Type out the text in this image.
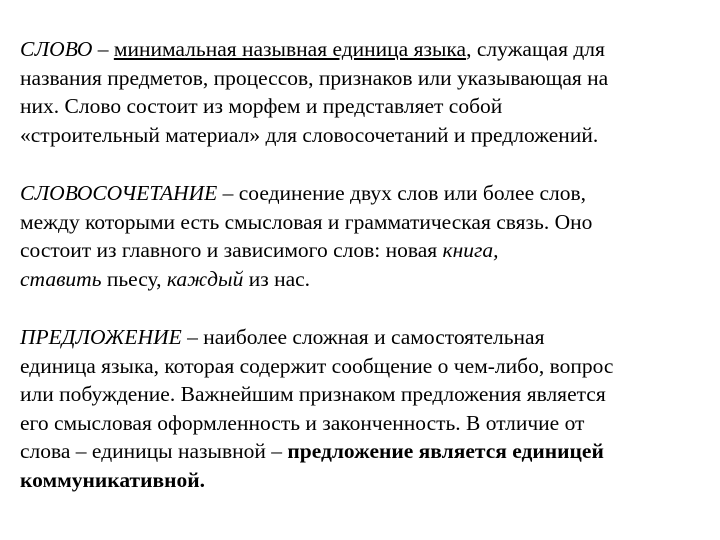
СЛОВО – минимальная назывная единица языка, служащая для
названия предметов, процессов, признаков или указывающая на
них. Слово состоит из морфем и представляет собой
«строительный материал» для словосочетаний и предложений.
СЛОВОСОЧЕТАНИЕ – соединение двух слов или более слов,
между которыми есть смысловая и грамматическая связь. Оно
состоит из главного и зависимого слов: новая книга,
ставить пьесу, каждый из нас.
ПРЕДЛОЖЕНИЕ – наиболее сложная и самостоятельная
единица языка, которая содержит сообщение о чем-либо, вопрос
или побуждение. Важнейшим признаком предложения является
его смысловая оформленность и законченность. В отличие от
слова – единицы назывной – предложение является единицей
коммуникативной.
